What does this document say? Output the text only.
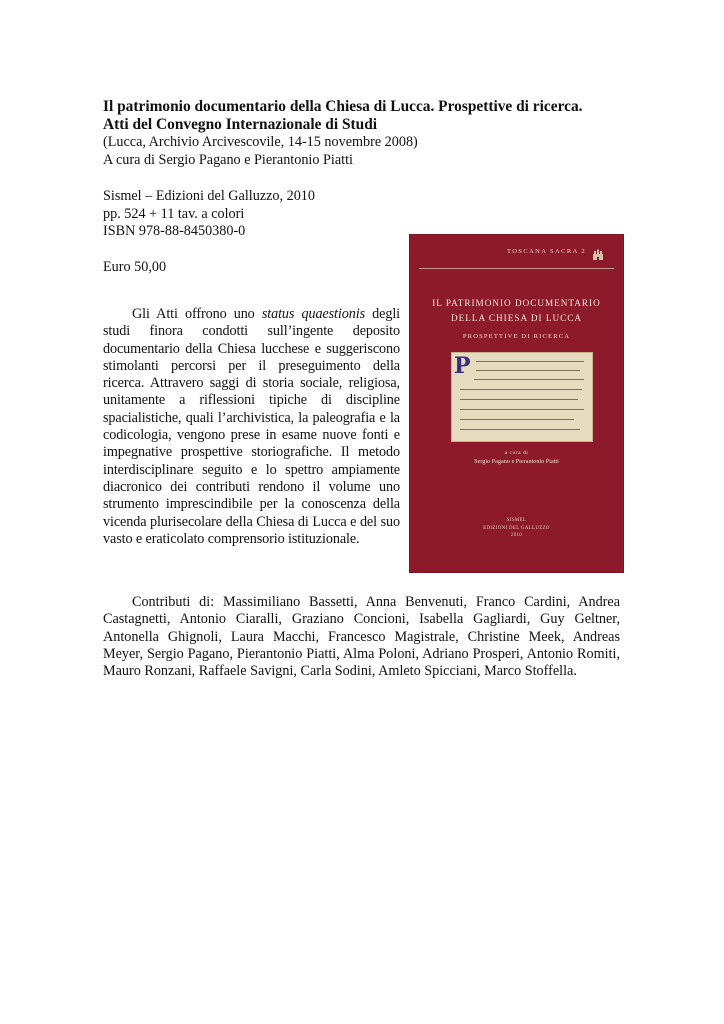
Il patrimonio documentario della Chiesa di Lucca. Prospettive di ricerca.
Atti del Convegno Internazionale di Studi
(Lucca, Archivio Arcivescovile, 14-15 novembre 2008)
A cura di Sergio Pagano e Pierantonio Piatti
Sismel – Edizioni del Galluzzo, 2010
pp. 524 + 11 tav. a colori
ISBN 978-88-8450380-0
Euro 50,00

Gli Atti offrono uno status quaestionis degli studi finora condotti sull’ingente deposito documentario della Chiesa lucchese e suggeriscono stimolanti percorsi per il preseguimento della ricerca. Attravero saggi di storia sociale, religiosa, unitamente a riflessioni tipiche di discipline spacialistiche, quali l’archivistica, la paleografia e la codicologia, vengono prese in esame nuove fonti e impegnative prospettive storiografiche. Il metodo interdisciplinare seguito e lo spettro ampiamente diacronico dei contributi rendono il volume uno strumento imprescindibile per la conoscenza della vicenda plurisecolare della Chiesa di Lucca e del suo vasto e eraticolato comprensorio istituzionale.

Contributi di: Massimiliano Bassetti, Anna Benvenuti, Franco Cardini, Andrea Castagnetti, Antonio Ciaralli, Graziano Concioni, Isabella Gagliardi, Guy Geltner, Antonella Ghignoli, Laura Macchi, Francesco Magistrale, Christine Meek, Andreas Meyer, Sergio Pagano, Pierantonio Piatti, Alma Poloni, Adriano Prosperi, Antonio Romiti, Mauro Ronzani, Raffaele Savigni, Carla Sodini, Amleto Spicciani, Marco Stoffella.

TOSCANA SACRA 2
IL PATRIMONIO DOCUMENTARIO
DELLA CHIESA DI LUCCA
PROSPETTIVE DI RICERCA
P
a cura di
Sergio Pagano e Pierantonio Piatti
SISMEL
EDIZIONI DEL GALLUZZO
2010
